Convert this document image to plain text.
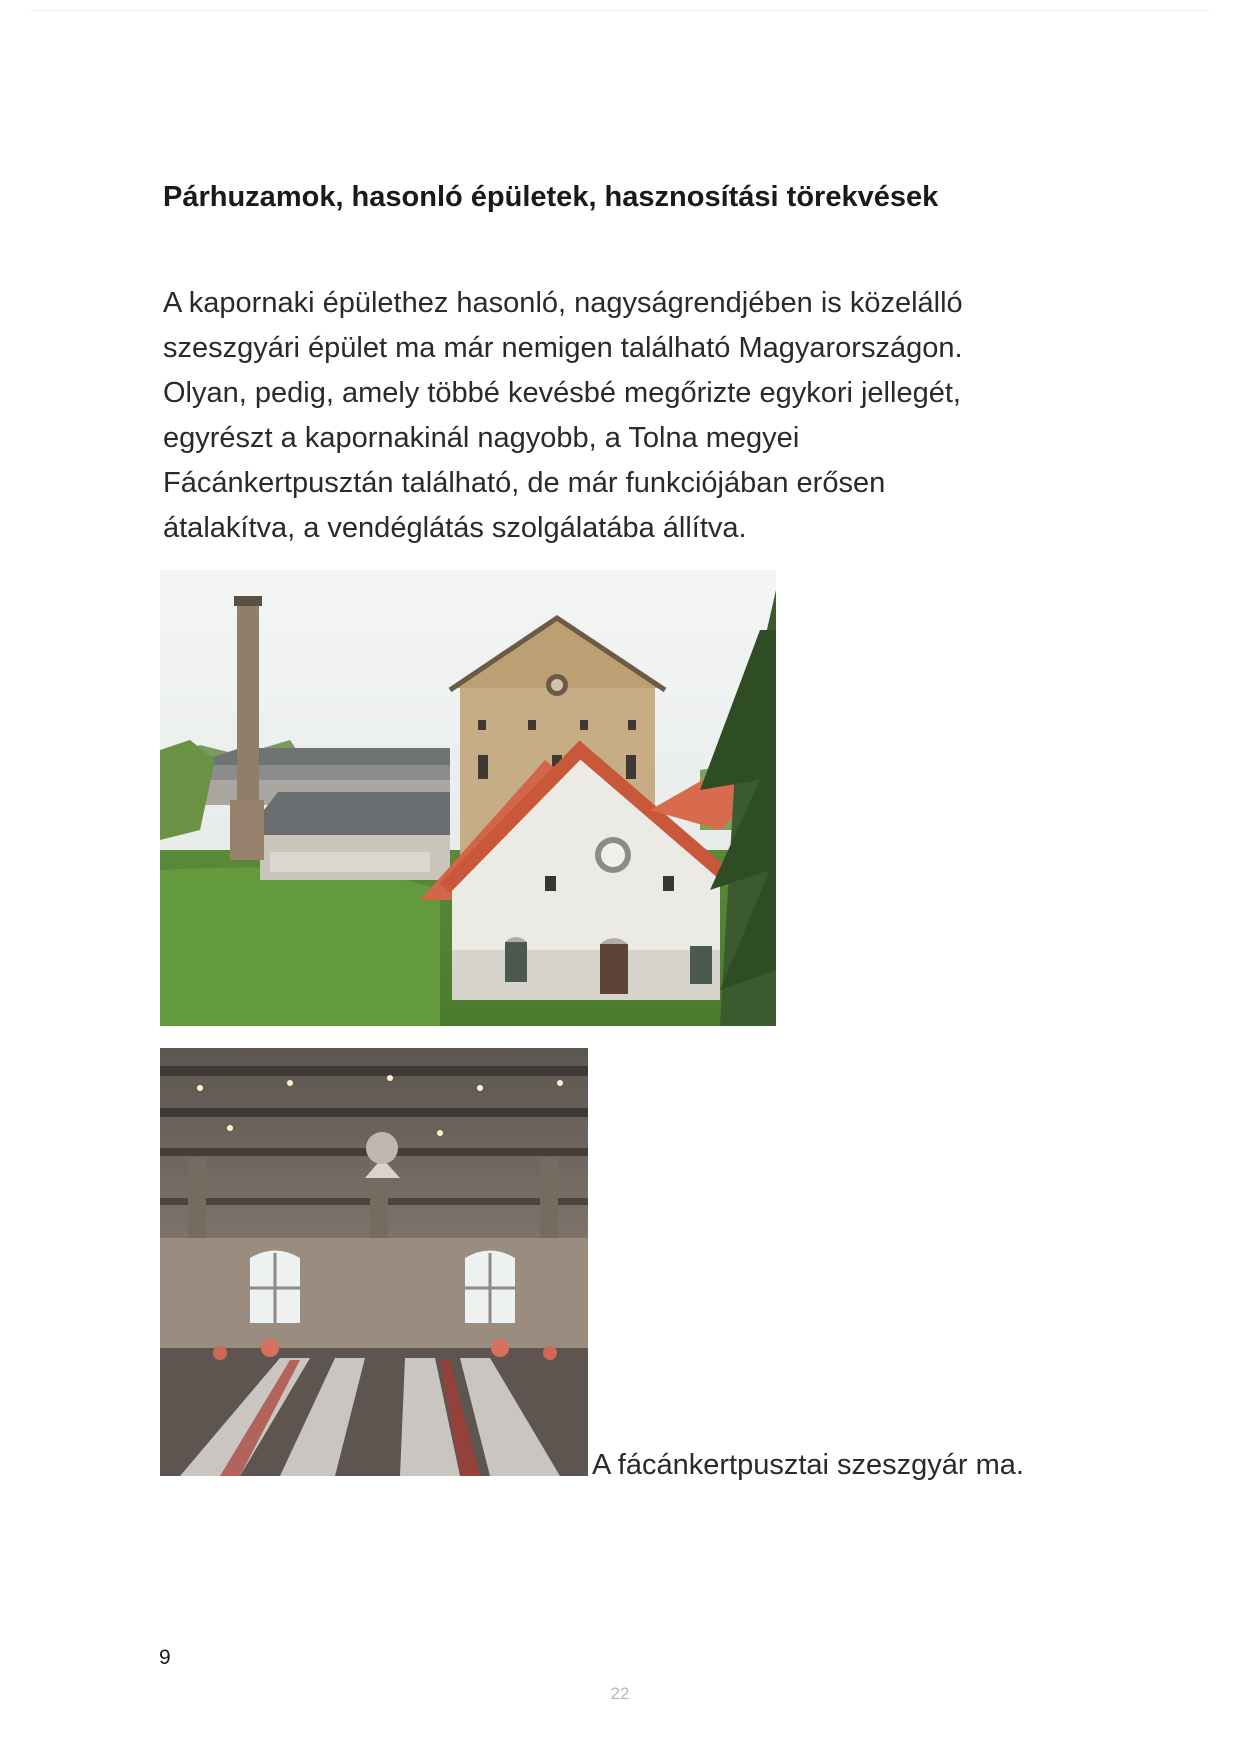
Párhuzamok, hasonló épületek, hasznosítási törekvések
A kapornaki épülethez hasonló, nagyságrendjében is közelálló
szeszgyári épület ma már nemigen található Magyarországon.
Olyan, pedig, amely többé kevésbé megőrizte egykori jellegét,
egyrészt a kapornakinál nagyobb, a Tolna megyei
Fácánkertpusztán található, de már funkciójában erősen
átalakítva, a vendéglátás szolgálatába állítva.
A fácánkertpusztai szeszgyár ma.
9
22
